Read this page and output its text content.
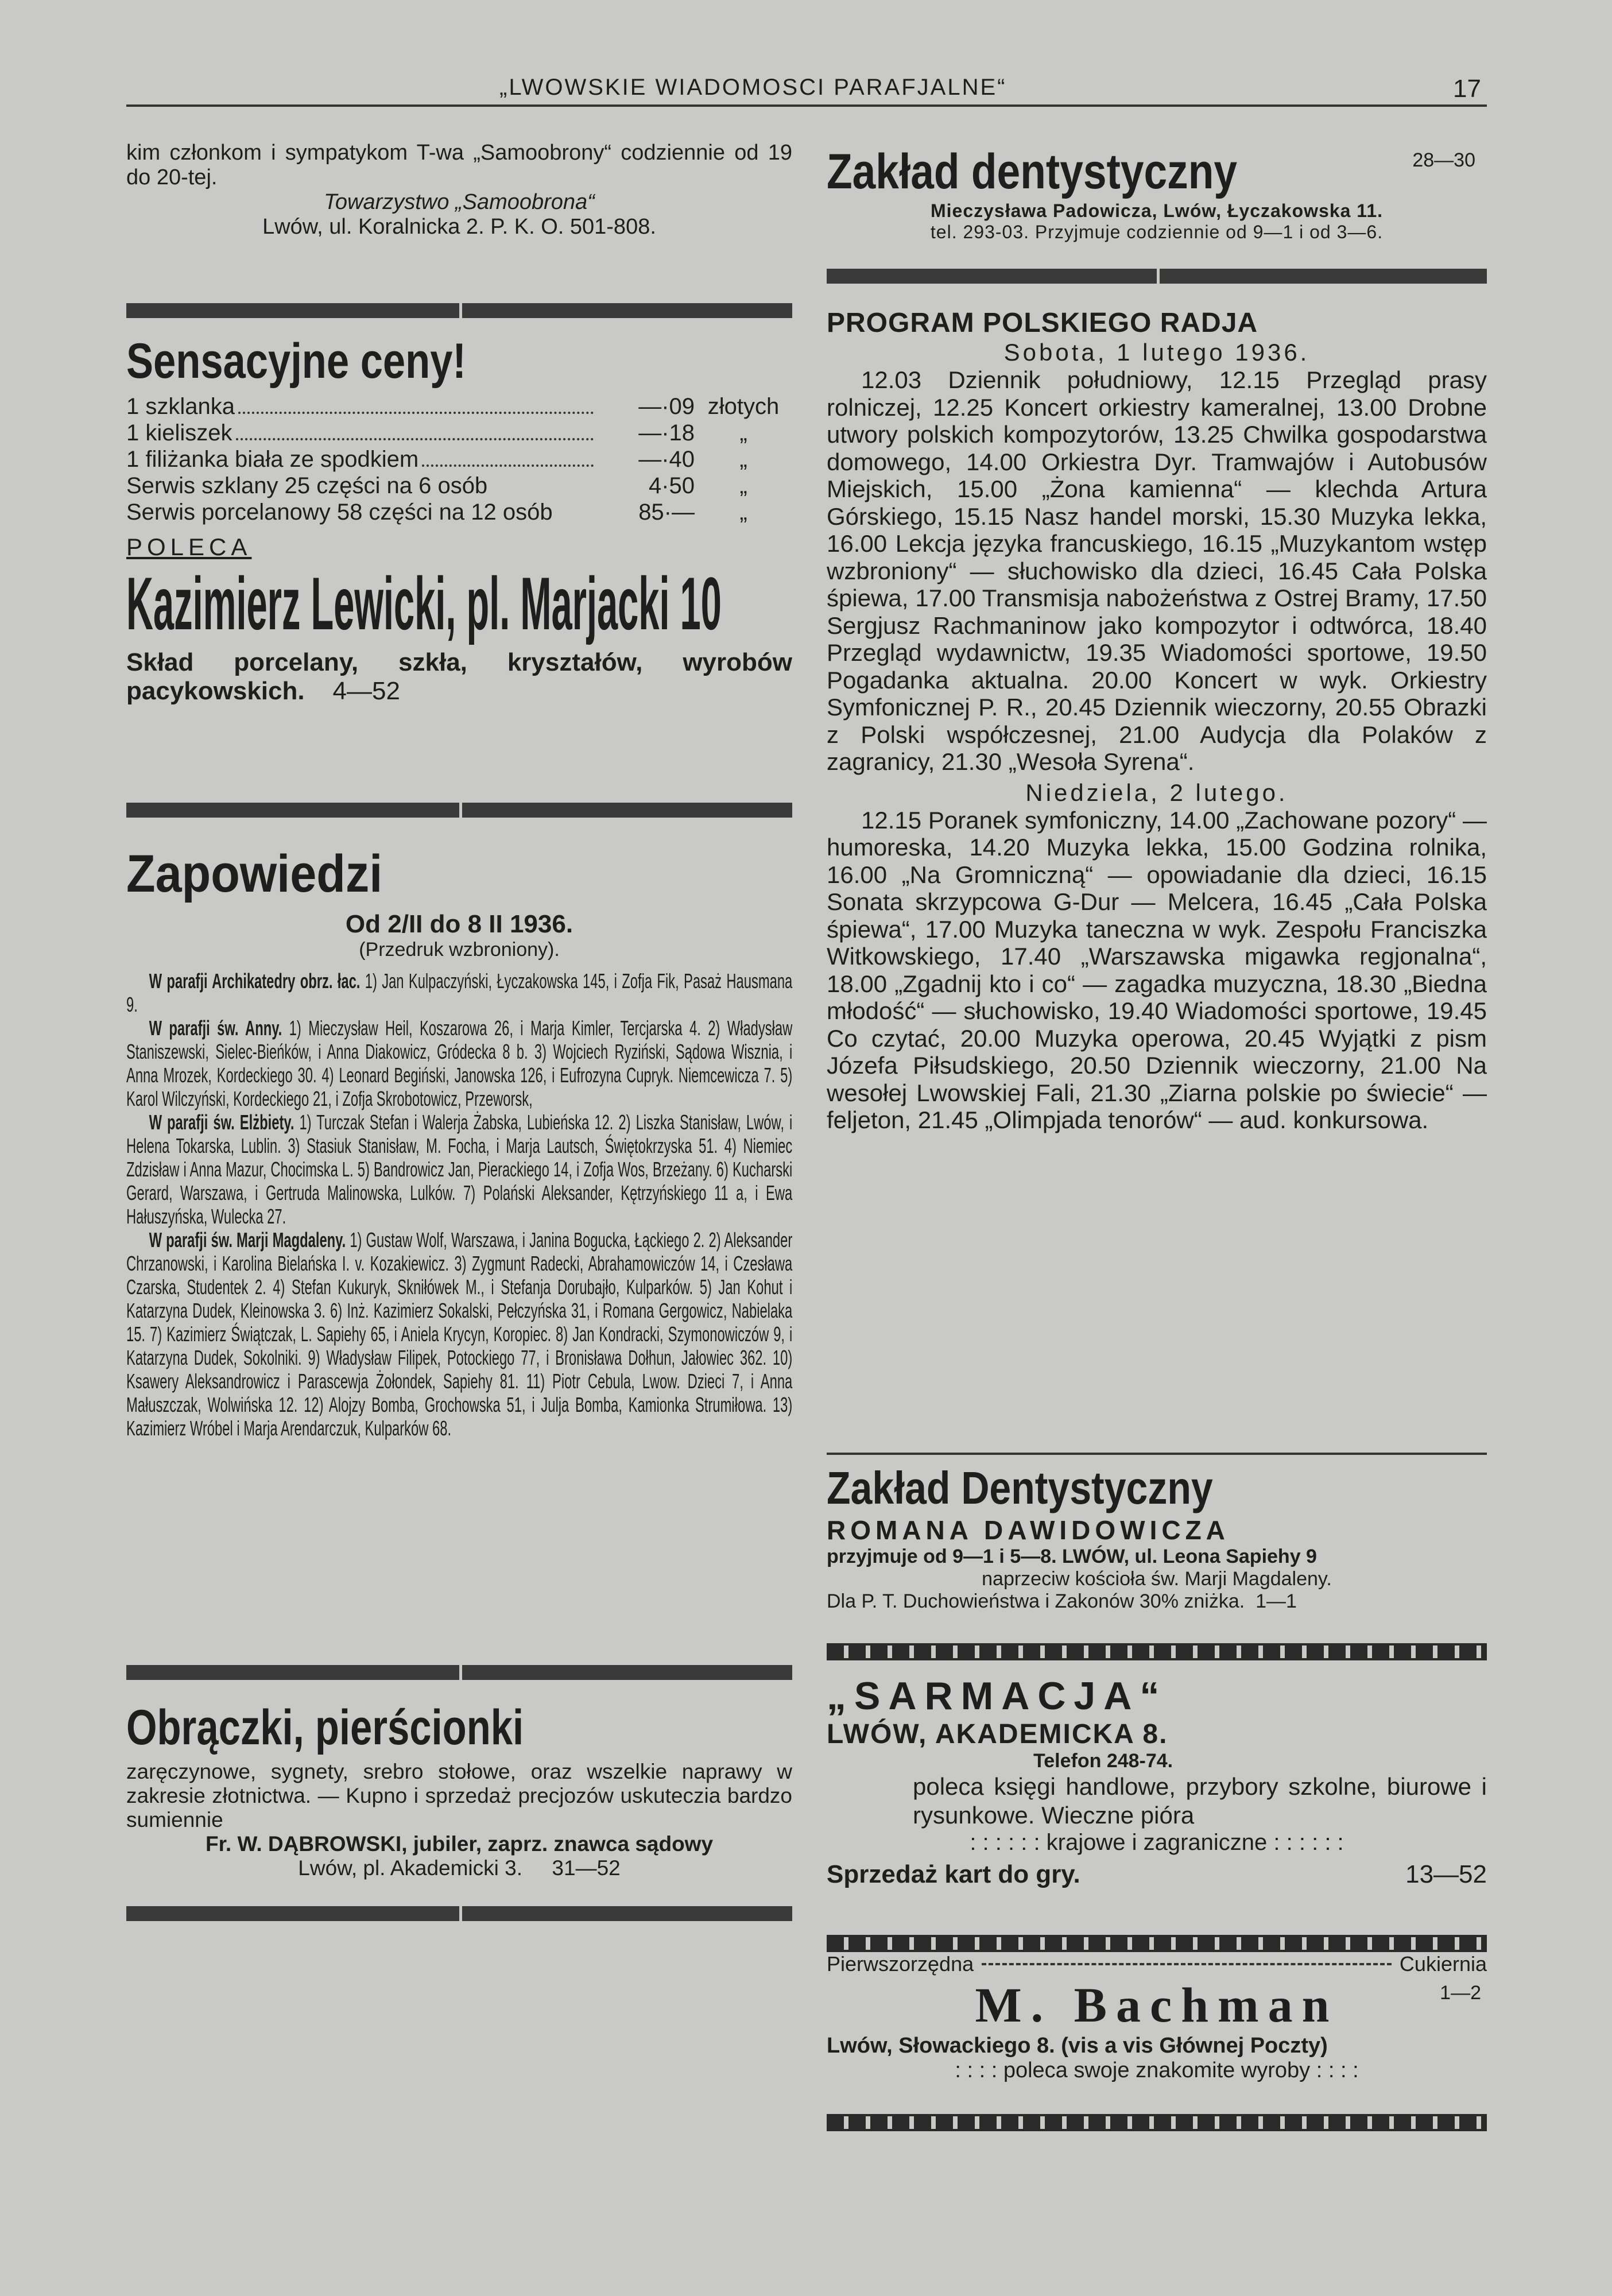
„LWOWSKIE WIADOMOSCI PARAFJALNE“	17

kim członkom i sympatykom T-wa „Samoobrony“ codziennie od 19 do 20-tej.

Towarzystwo „Samoobrona“

Lwów, ul. Koralnicka 2. P. K. O. 501-808.

Sensacyjne ceny!
1 szklanka	—·09 złotych
1 kieliszek	—·18	„
1 filiżanka biała ze spodkiem	—·40	„
Serwis szklany 25 części na 6 osób	4·50	„
Serwis porcelanowy 58 części na 12 osób	85·—	„
POLECA
Kazimierz Lewicki, pl. Marjacki 10
Skład porcelany, szkła, kryształów, wyrobów pacykowskich. 4—52
Zapowiedzi
Od 2/II do 8 II 1936.
(Przedruk wzbroniony).

W parafji Archikatedry obrz. łac. 1) Jan Kulpaczyński, Łyczakowska 145, i Zofja Fik, Pasaż Hausmana 9.

W parafji św. Anny. 1) Mieczysław Heil, Koszarowa 26, i Marja Kimler, Tercjarska 4. 2) Władysław Staniszewski, Sielec-Bieńków, i Anna Diakowicz, Gródecka 8 b. 3) Wojciech Ryziński, Sądowa Wisznia, i Anna Mrozek, Kordeckiego 30. 4) Leonard Begiński, Janowska 126, i Eufrozyna Cupryk. Niemcewicza 7. 5) Karol Wilczyński, Kordeckiego 21, i Zofja Skrobotowicz, Przeworsk,

W parafji św. Elżbiety. 1) Turczak Stefan i Walerja Żabska, Lubieńska 12. 2) Liszka Stanisław, Lwów, i Helena Tokarska, Lublin. 3) Stasiuk Stanisław, M. Focha, i Marja Lautsch, Świętokrzyska 51. 4) Niemiec Zdzisław i Anna Mazur, Chocimska L. 5) Bandrowicz Jan, Pierackiego 14, i Zofja Wos, Brzeżany. 6) Kucharski Gerard, Warszawa, i Gertruda Malinowska, Lulków. 7) Polański Aleksander, Kętrzyńskiego 11 a, i Ewa Hałuszyńska, Wulecka 27.

W parafji św. Marji Magdaleny. 1) Gustaw Wolf, Warszawa, i Janina Bogucka, Łąckiego 2. 2) Aleksander Chrzanowski, i Karolina Bielańska I. v. Kozakiewicz. 3) Zygmunt Radecki, Abrahamowiczów 14, i Czesława Czarska, Studentek 2. 4) Stefan Kukuryk, Skniłówek M., i Stefanja Dorubajło, Kulparków. 5) Jan Kohut i Katarzyna Dudek, Kleinowska 3. 6) Inż. Kazimierz Sokalski, Pełczyńska 31, i Romana Gergowicz, Nabielaka 15. 7) Kazimierz Świątczak, L. Sapiehy 65, i Aniela Krycyn, Koropiec. 8) Jan Kondracki, Szymonowiczów 9, i Katarzyna Dudek, Sokolniki. 9) Władysław Filipek, Potockiego 77, i Bronisława Dołhun, Jałowiec 362. 10) Ksawery Aleksandrowicz i Parascewja Żołondek, Sapiehy 81. 11) Piotr Cebula, Lwow. Dzieci 7, i Anna Małuszczak, Wolwińska 12. 12) Alojzy Bomba, Grochowska 51, i Julja Bomba, Kamionka Strumiłowa. 13) Kazimierz Wróbel i Marja Arendarczuk, Kulparków 68.

Obrączki, pierścionki

zaręczynowe, sygnety, srebro stołowe, oraz wszelkie naprawy w zakresie złotnictwa. — Kupno i sprzedaż precjozów uskuteczia bardzo sumiennie

Fr. W. DĄBROWSKI, jubiler, zaprz. znawca sądowy

Lwów, pl. Akademicki 3. 31—52

Zakład dentystyczny	28—30
Mieczysława Padowicza, Lwów, Łyczakowska 11.
tel. 293-03. Przyjmuje codziennie od 9—1 i od 3—6.
PROGRAM POLSKIEGO RADJA
Sobota, 1 lutego 1936.

12.03 Dziennik południowy, 12.15 Przegląd prasy rolniczej, 12.25 Koncert orkiestry kameralnej, 13.00 Drobne utwory polskich kompozytorów, 13.25 Chwilka gospodarstwa domowego, 14.00 Orkiestra Dyr. Tramwajów i Autobusów Miejskich, 15.00 „Żona kamienna“ — klechda Artura Górskiego, 15.15 Nasz handel morski, 15.30 Muzyka lekka, 16.00 Lekcja języka francuskiego, 16.15 „Muzykantom wstęp wzbroniony“ — słuchowisko dla dzieci, 16.45 Cała Polska śpiewa, 17.00 Transmisja nabożeństwa z Ostrej Bramy, 17.50 Sergjusz Rachmaninow jako kompozytor i odtwórca, 18.40 Przegląd wydawnictw, 19.35 Wiadomości sportowe, 19.50 Pogadanka aktualna. 20.00 Koncert w wyk. Orkiestry Symfonicznej P. R., 20.45 Dziennik wieczorny, 20.55 Obrazki z Polski współczesnej, 21.00 Audycja dla Polaków z zagranicy, 21.30 „Wesoła Syrena“.

Niedziela, 2 lutego.

12.15 Poranek symfoniczny, 14.00 „Zachowane pozory“ — humoreska, 14.20 Muzyka lekka, 15.00 Godzina rolnika, 16.00 „Na Gromniczną“ — opowiadanie dla dzieci, 16.15 Sonata skrzypcowa G-Dur — Melcera, 16.45 „Cała Polska śpiewa“, 17.00 Muzyka taneczna w wyk. Zespołu Franciszka Witkowskiego, 17.40 „Warszawska migawka regjonalna“, 18.00 „Zgadnij kto i co“ — zagadka muzyczna, 18.30 „Biedna młodość“ — słuchowisko, 19.40 Wiadomości sportowe, 19.45 Co czytać, 20.00 Muzyka operowa, 20.45 Wyjątki z pism Józefa Piłsudskiego, 20.50 Dziennik wieczorny, 21.00 Na wesołej Lwowskiej Fali, 21.30 „Ziarna polskie po świecie“ — feljeton, 21.45 „Olimpjada tenorów“ — aud. konkursowa.

Zakład Dentystyczny
ROMANA DAWIDOWICZA
przyjmuje od 9—1 i 5—8. LWÓW, ul. Leona Sapiehy 9
naprzeciw kościoła św. Marji Magdaleny.
Dla P. T. Duchowieństwa i Zakonów 30% zniżka. 1—1
„SARMACJA“
LWÓW, AKADEMICKA 8.
Telefon 248-74.

poleca księgi handlowe, przybory szkolne, biurowe i rysunkowe. Wieczne pióra

: : : : : : krajowe i zagraniczne : : : : : :
Sprzedaż kart do gry.	13—52
Pierwszorzędna	Cukiernia
M. Bachman	1—2
Lwów, Słowackiego 8. (vis a vis Głównej Poczty)
: : : : poleca swoje znakomite wyroby : : : :
